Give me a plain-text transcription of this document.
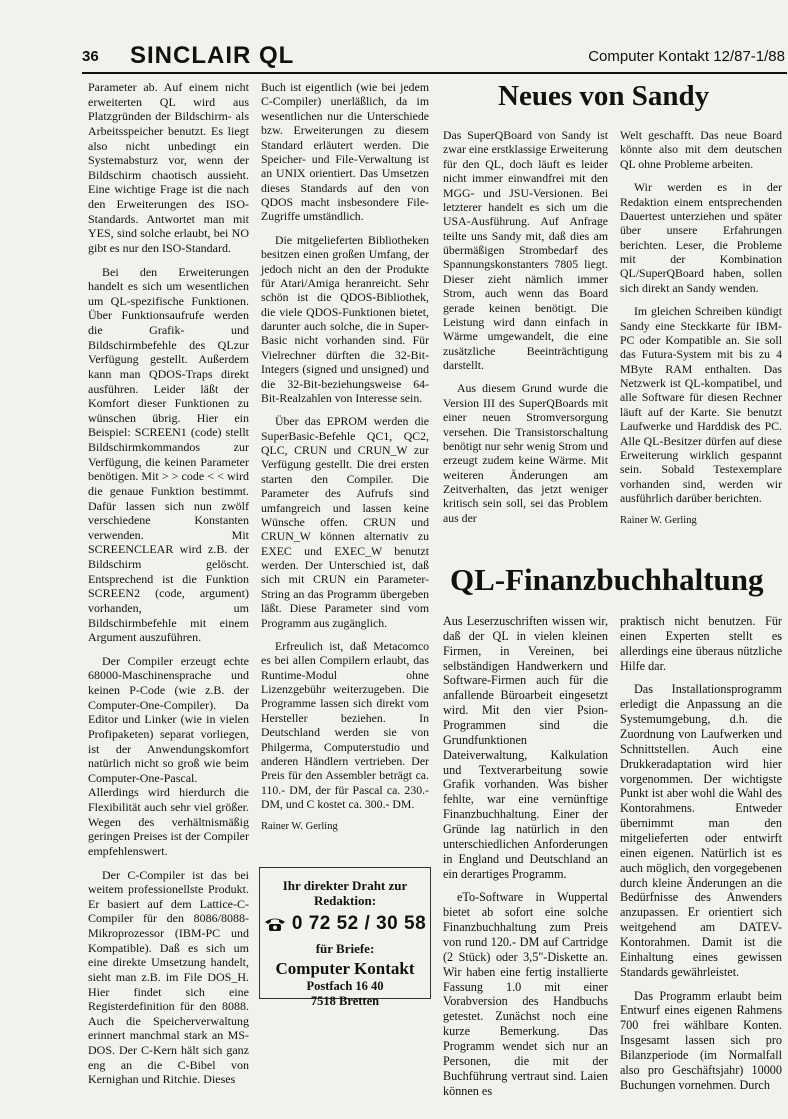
36 SINCLAIR QL	Computer Kontakt 12/87-1/88

Parameter ab. Auf einem nicht erweiterten QL wird aus Platzgründen der Bildschirm- als Arbeitsspeicher benutzt. Es liegt also nicht unbedingt ein Systemabsturz vor, wenn der Bildschirm chaotisch aussieht. Eine wichtige Frage ist die nach den Erweiterungen des ISO-Standards. Antwortet man mit YES, sind solche erlaubt, bei NO gibt es nur den ISO-Standard.

Bei den Erweiterungen handelt es sich um wesentlichen um QL-spezifische Funktionen. Über Funktionsaufrufe werden die Grafik- und Bildschirmbefehle des QLzur Verfügung gestellt. Außerdem kann man QDOS-Traps direkt ausführen. Leider läßt der Komfort dieser Funktionen zu wünschen übrig. Hier ein Beispiel: SCREEN1 (code) stellt Bildschirmkommandos zur Verfügung, die keinen Parameter benötigen. Mit > > code < < wird die genaue Funktion bestimmt. Dafür lassen sich nun zwölf verschiedene Konstanten verwenden. Mit SCREENCLEAR wird z.B. der Bildschirm gelöscht. Entsprechend ist die Funktion SCREEN2 (code, argument) vorhanden, um Bildschirmbefehle mit einem Argument auszuführen.

Der Compiler erzeugt echte 68000-Maschinensprache und keinen P-Code (wie z.B. der Computer-One-Compiler). Da Editor und Linker (wie in vielen Profipaketen) separat vorliegen, ist der Anwendungskomfort natürlich nicht so groß wie beim Computer-One-Pascal. Allerdings wird hierdurch die Flexibilität auch sehr viel größer. Wegen des verhältnismäßig geringen Preises ist der Compiler empfehlenswert.

Der C-Compiler ist das bei weitem professionellste Produkt. Er basiert auf dem Lattice-C-Compiler für den 8086/8088-Mikroprozessor (IBM-PC und Kompatible). Daß es sich um eine direkte Umsetzung handelt, sieht man z.B. im File DOS_H. Hier findet sich eine Registerdefinition für den 8088. Auch die Speicherverwaltung erinnert manchmal stark an MS-DOS. Der C-Kern hält sich ganz eng an die C-Bibel von Kernighan und Ritchie. Dieses

Buch ist eigentlich (wie bei jedem C-Compiler) unerläßlich, da im wesentlichen nur die Unterschiede bzw. Erweiterungen zu diesem Standard erläutert werden. Die Speicher- und File-Verwaltung ist an UNIX orientiert. Das Umsetzen dieses Standards auf den von QDOS macht insbesondere File-Zugriffe umständlich.

Die mitgelieferten Bibliotheken besitzen einen großen Umfang, der jedoch nicht an den der Produkte für Atari/Amiga heranreicht. Sehr schön ist die QDOS-Bibliothek, die viele QDOS-Funktionen bietet, darunter auch solche, die in Super-Basic nicht vorhanden sind. Für Vielrechner dürften die 32-Bit-Integers (signed und unsigned) und die 32-Bit-beziehungsweise 64-Bit-Realzahlen von Interesse sein.

Über das EPROM werden die SuperBasic-Befehle QC1, QC2, QLC, CRUN und CRUN_W zur Verfügung gestellt. Die drei ersten starten den Compiler. Die Parameter des Aufrufs sind umfangreich und lassen keine Wünsche offen. CRUN und CRUN_W können alternativ zu EXEC und EXEC_W benutzt werden. Der Unterschied ist, daß sich mit CRUN ein Parameter-String an das Programm übergeben läßt. Diese Parameter sind vom Programm aus zugänglich.

Erfreulich ist, daß Metacomco es bei allen Compilern erlaubt, das Runtime-Modul ohne Lizenzgebühr weiterzugeben. Die Programme lassen sich direkt vom Hersteller beziehen. In Deutschland werden sie von Philgerma, Computerstudio und anderen Händlern vertrieben. Der Preis für den Assembler beträgt ca. 110.- DM, der für Pascal ca. 230.- DM, und C kostet ca. 300.- DM.

Rainer W. Gerling
Ihr direkter Draht zur Redaktion:
0 72 52 / 30 58
für Briefe:
Computer Kontakt
Postfach 16 40
7518 Bretten
Neues von Sandy

Das SuperQBoard von Sandy ist zwar eine erstklassige Erweiterung für den QL, doch läuft es leider nicht immer einwandfrei mit den MGG- und JSU-Versionen. Bei letzterer handelt es sich um die USA-Ausführung. Auf Anfrage teilte uns Sandy mit, daß dies am übermäßigen Strombedarf des Spannungskonstanters 7805 liegt. Dieser zieht nämlich immer Strom, auch wenn das Board gerade keinen benötigt. Die Leistung wird dann einfach in Wärme umgewandelt, die eine zusätzliche Beeinträchtigung darstellt.

Aus diesem Grund wurde die Version III des SuperQBoards mit einer neuen Stromversorgung versehen. Die Transistorschaltung benötigt nur sehr wenig Strom und erzeugt zudem keine Wärme. Mit weiteren Änderungen am Zeitverhalten, das jetzt weniger kritisch sein soll, sei das Problem aus der

Welt geschafft. Das neue Board könnte also mit dem deutschen QL ohne Probleme arbeiten.

Wir werden es in der Redaktion einem entsprechenden Dauertest unterziehen und später über unsere Erfahrungen berichten. Leser, die Probleme mit der Kombination QL/SuperQBoard haben, sollen sich direkt an Sandy wenden.

Im gleichen Schreiben kündigt Sandy eine Steckkarte für IBM-PC oder Kompatible an. Sie soll das Futura-System mit bis zu 4 MByte RAM enthalten. Das Netzwerk ist QL-kompatibel, und alle Software für diesen Rechner läuft auf der Karte. Sie benutzt Laufwerke und Harddisk des PC. Alle QL-Besitzer dürfen auf diese Erweiterung wirklich gespannt sein. Sobald Testexemplare vorhanden sind, werden wir ausführlich darüber berichten.

Rainer W. Gerling
QL-Finanzbuchhaltung

Aus Leserzuschriften wissen wir, daß der QL in vielen kleinen Firmen, in Vereinen, bei selbständigen Handwerkern und Software-Firmen auch für die anfallende Büroarbeit eingesetzt wird. Mit den vier Psion-Programmen sind die Grundfunktionen Dateiverwaltung, Kalkulation und Textverarbeitung sowie Grafik vorhanden. Was bisher fehlte, war eine vernünftige Finanzbuchhaltung. Einer der Gründe lag natürlich in den unterschiedlichen Anforderungen in England und Deutschland an ein derartiges Programm.

eTo-Software in Wuppertal bietet ab sofort eine solche Finanzbuchhaltung zum Preis von rund 120.- DM auf Cartridge (2 Stück) oder 3,5"-Diskette an. Wir haben eine fertig installierte Fassung 1.0 mit einer Vorabversion des Handbuchs getestet. Zunächst noch eine kurze Bemerkung. Das Programm wendet sich nur an Personen, die mit der Buchführung vertraut sind. Laien können es

praktisch nicht benutzen. Für einen Experten stellt es allerdings eine überaus nützliche Hilfe dar.

Das Installationsprogramm erledigt die Anpassung an die Systemumgebung, d.h. die Zuordnung von Laufwerken und Schnittstellen. Auch eine Drukkeradaptation wird hier vorgenommen. Der wichtigste Punkt ist aber wohl die Wahl des Kontorahmens. Entweder übernimmt man den mitgelieferten oder entwirft einen eigenen. Natürlich ist es auch möglich, den vorgegebenen durch kleine Änderungen an die Bedürfnisse des Anwenders anzupassen. Er orientiert sich weitgehend am DATEV-Kontorahmen. Damit ist die Einhaltung eines gewissen Standards gewährleistet.

Das Programm erlaubt beim Entwurf eines eigenen Rahmens 700 frei wählbare Konten. Insgesamt lassen sich pro Bilanzperiode (im Normalfall also pro Geschäftsjahr) 10000 Buchungen vornehmen. Durch
